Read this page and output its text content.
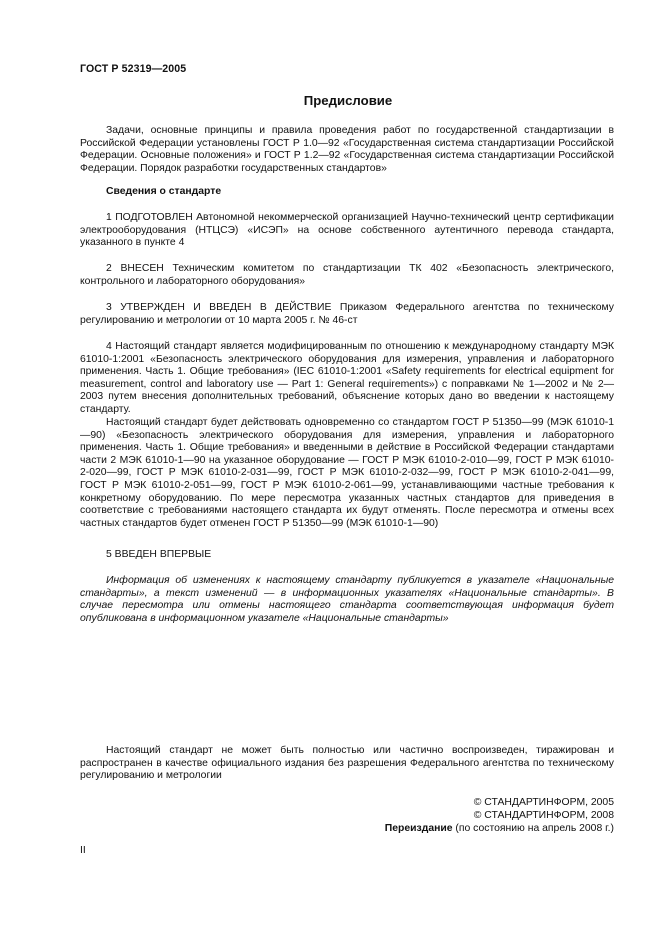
ГОСТ Р 52319—2005
Предисловие

Задачи, основные принципы и правила проведения работ по государственной стандартизации в Российской Федерации установлены ГОСТ Р 1.0—92 «Государственная система стандартизации Российской Федерации. Основные положения» и ГОСТ Р 1.2—92 «Государственная система стандартизации Российской Федерации. Порядок разработки государственных стандартов»

Сведения о стандарте

1 ПОДГОТОВЛЕН Автономной некоммерческой организацией Научно-технический центр сертификации электрооборудования (НТЦСЭ) «ИСЭП» на основе собственного аутентичного перевода стандарта, указанного в пункте 4

2 ВНЕСЕН Техническим комитетом по стандартизации ТК 402 «Безопасность электрического, контрольного и лабораторного оборудования»

3 УТВЕРЖДЕН И ВВЕДЕН В ДЕЙСТВИЕ Приказом Федерального агентства по техническому регулированию и метрологии от 10 марта 2005 г. № 46-ст

4 Настоящий стандарт является модифицированным по отношению к международному стандарту МЭК 61010-1:2001 «Безопасность электрического оборудования для измерения, управления и лабораторного применения. Часть 1. Общие требования» (IEC 61010-1:2001 «Safety requirements for electrical equipment for measurement, control and laboratory use — Part 1: General requirements») с поправками № 1—2002 и № 2—2003 путем внесения дополнительных требований, объяснение которых дано во введении к настоящему стандарту.

Настоящий стандарт будет действовать одновременно со стандартом ГОСТ Р 51350—99 (МЭК 61010-1—90) «Безопасность электрического оборудования для измерения, управления и лабораторного применения. Часть 1. Общие требования» и введенными в действие в Российской Федерации стандартами части 2 МЭК 61010-1—90 на указанное оборудование — ГОСТ Р МЭК 61010-2-010—99, ГОСТ Р МЭК 61010-2-020—99, ГОСТ Р МЭК 61010-2-031—99, ГОСТ Р МЭК 61010-2-032—99, ГОСТ Р МЭК 61010-2-041—99, ГОСТ Р МЭК 61010-2-051—99, ГОСТ Р МЭК 61010-2-061—99, устанавливающими частные требования к конкретному оборудованию. По мере пересмотра указанных частных стандартов для приведения в соответствие с требованиями настоящего стандарта их будут отменять. После пересмотра и отмены всех частных стандартов будет отменен ГОСТ Р 51350—99 (МЭК 61010-1—90)

5 ВВЕДЕН ВПЕРВЫЕ

Информация об изменениях к настоящему стандарту публикуется в указателе «Национальные стандарты», а текст изменений — в информационных указателях «Национальные стандарты». В случае пересмотра или отмены настоящего стандарта соответствующая информация будет опубликована в информационном указателе «Национальные стандарты»

Настоящий стандарт не может быть полностью или частично воспроизведен, тиражирован и распространен в качестве официального издания без разрешения Федерального агентства по техническому регулированию и метрологии

© СТАНДАРТИНФОРМ, 2005
© СТАНДАРТИНФОРМ, 2008
Переиздание (по состоянию на апрель 2008 г.)
II
